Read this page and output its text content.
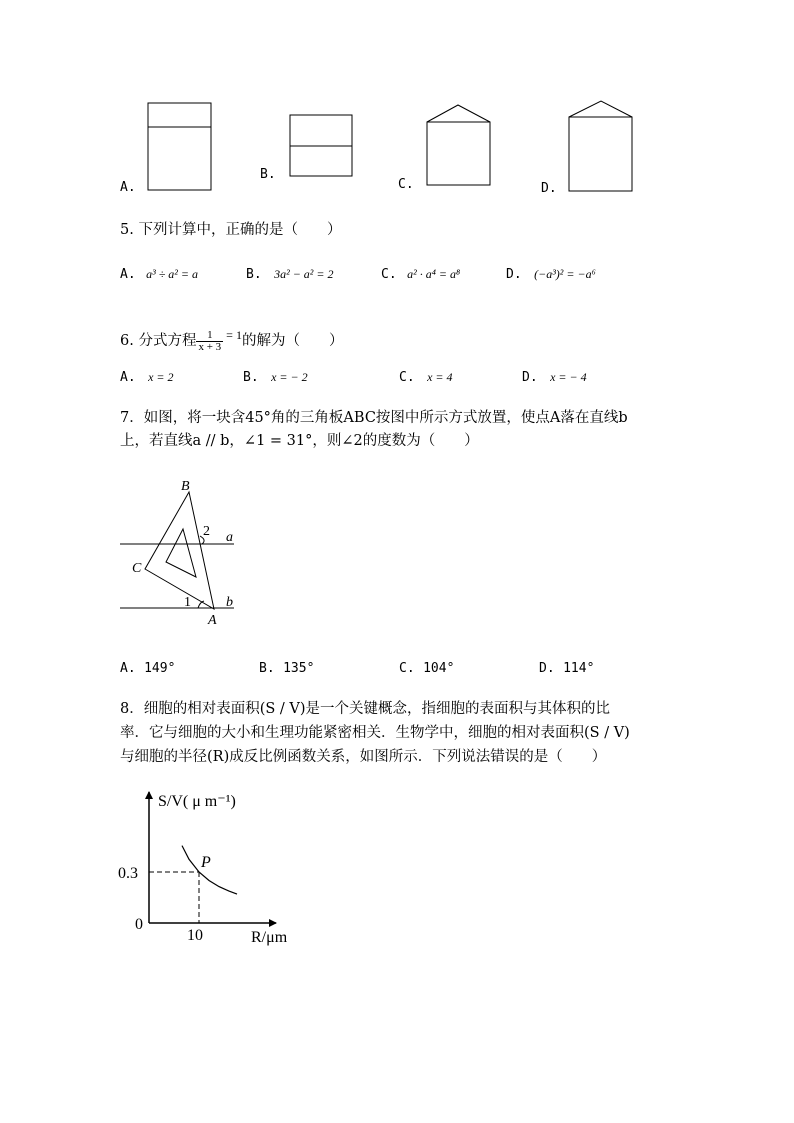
A.
B.
C.	D.
5. 下列计算中，正确的是（　　）
A. a³ ÷ a² = a	B. 3a² − a² = 2	C. a² · a⁴ = a⁸	D. (−a³)² = −a⁶
6. 分式方程 $\frac{1}{x + 3} = 1$的解为（　　）
A. x = 2	B. x = − 2	C. x = 4	D. x = − 4
7．如图，将一块含45°角的三角板ABC按图中所示方式放置，使点A落在直线b
上，若直线a // b，∠1 = 31°，则∠2的度数为（　　）
B
C
A
a
b
1
2
A. 149°	B. 135°	C. 104°	D. 114°
8．细胞的相对表面积(S / V)是一个关键概念，指细胞的表面积与其体积的比
率．它与细胞的大小和生理功能紧密相关．生物学中，细胞的相对表面积(S / V)
与细胞的半径(R)成反比例函数关系，如图所示．下列说法错误的是（　　）
S/V( μ m⁻¹)
R/μm
0
0.3
10
P
